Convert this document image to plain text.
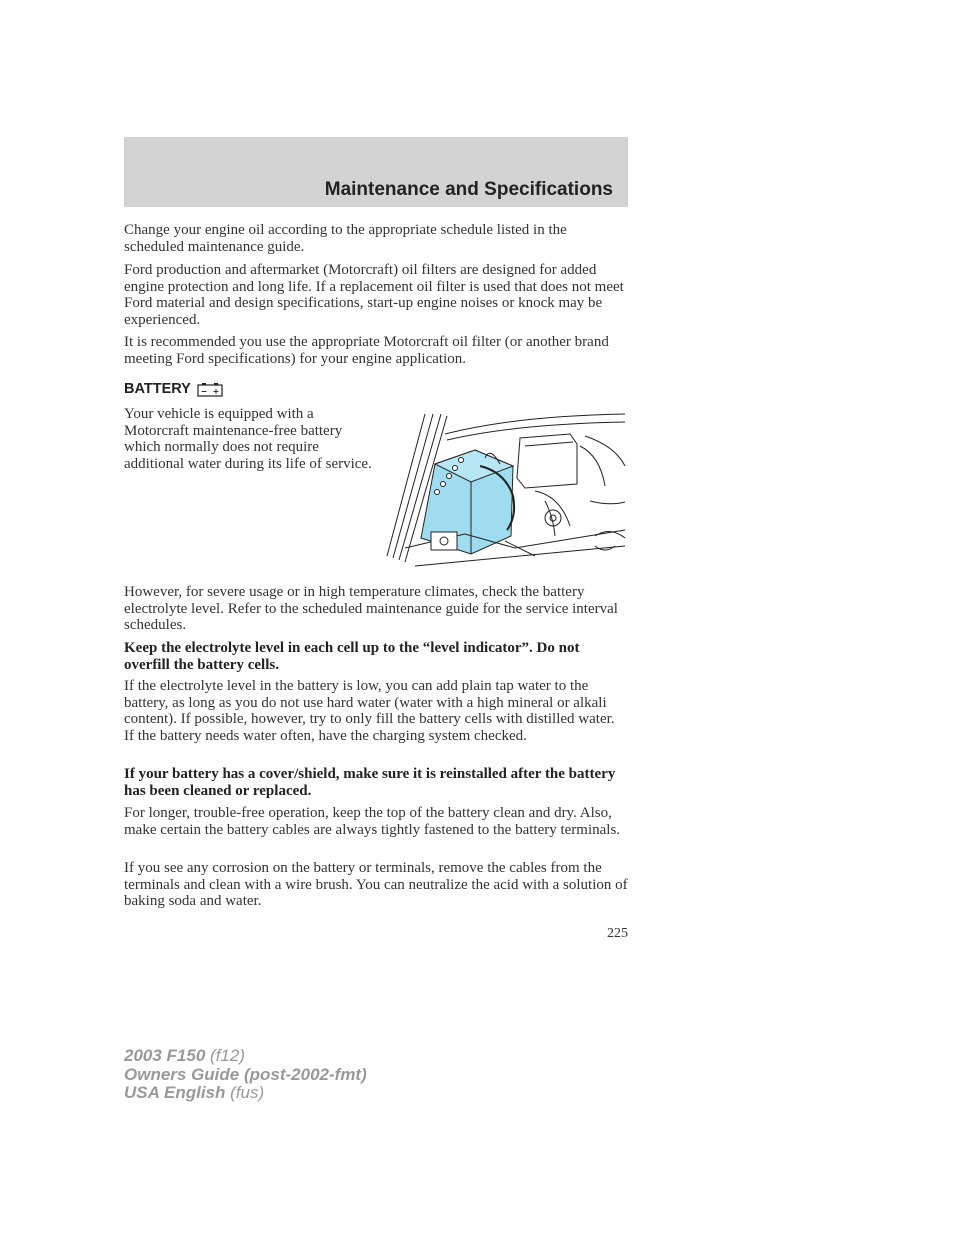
Maintenance and Specifications

Change your engine oil according to the appropriate schedule listed in the scheduled maintenance guide.

Ford production and aftermarket (Motorcraft) oil filters are designed for added engine protection and long life. If a replacement oil filter is used that does not meet Ford material and design specifications, start-up engine noises or knock may be experienced.

It is recommended you use the appropriate Motorcraft oil filter (or another brand meeting Ford specifications) for your engine application.

BATTERY − +

Your vehicle is equipped with a Motorcraft maintenance-free battery which normally does not require additional water during its life of service.

However, for severe usage or in high temperature climates, check the battery electrolyte level. Refer to the scheduled maintenance guide for the service interval schedules.

Keep the electrolyte level in each cell up to the “level indicator”. Do not overfill the battery cells.

If the electrolyte level in the battery is low, you can add plain tap water to the battery, as long as you do not use hard water (water with a high mineral or alkali content). If possible, however, try to only fill the battery cells with distilled water. If the battery needs water often, have the charging system checked.

If your battery has a cover/shield, make sure it is reinstalled after the battery has been cleaned or replaced.

For longer, trouble-free operation, keep the top of the battery clean and dry. Also, make certain the battery cables are always tightly fastened to the battery terminals.

If you see any corrosion on the battery or terminals, remove the cables from the terminals and clean with a wire brush. You can neutralize the acid with a solution of baking soda and water.

225
2003 F150 (f12)
Owners Guide (post-2002-fmt)
USA English (fus)
